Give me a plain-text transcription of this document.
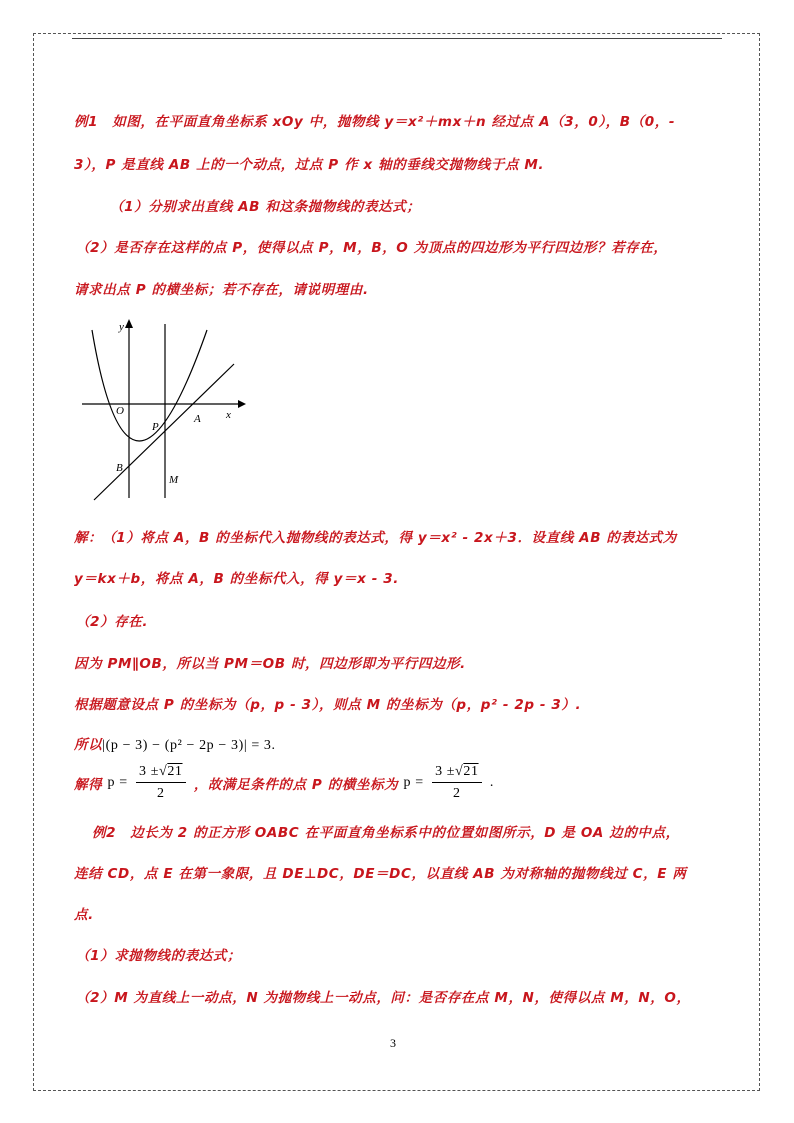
例1　如图，在平面直角坐标系 xOy 中，抛物线 y＝x²＋mx＋n 经过点 A（3，0），B（0，-
3），P 是直线 AB 上的一个动点，过点 P 作 x 轴的垂线交抛物线于点 M.
（1）分别求出直线 AB 和这条抛物线的表达式；
（2）是否存在这样的点 P，使得以点 P，M，B，O 为顶点的四边形为平行四边形？若存在，
请求出点 P 的横坐标；若不存在，请说明理由.
y
x
O
A
B
P
M
解：（1）将点 A，B 的坐标代入抛物线的表达式，得 y＝x² - 2x＋3．设直线 AB 的表达式为
y＝kx＋b，将点 A，B 的坐标代入，得 y＝x - 3.
（2）存在.
因为 PM∥OB，所以当 PM＝OB 时，四边形即为平行四边形.
根据题意设点 P 的坐标为（p，p - 3），则点 M 的坐标为（p，p² - 2p - 3）.
所以|(p − 3) − (p² − 2p − 3)| = 3.
解得 $p = \frac{3 \pm√21}{2}$ ，故满足条件的点 P 的横坐标为 $p = \frac{3 \pm√21}{2}$ .
例2　边长为 2 的正方形 OABC 在平面直角坐标系中的位置如图所示，D 是 OA 边的中点，
连结 CD，点 E 在第一象限，且 DE⊥DC，DE＝DC，以直线 AB 为对称轴的抛物线过 C，E 两
点.
（1）求抛物线的表达式；
（2）M 为直线上一动点，N 为抛物线上一动点，问：是否存在点 M，N，使得以点 M，N，O，
3
